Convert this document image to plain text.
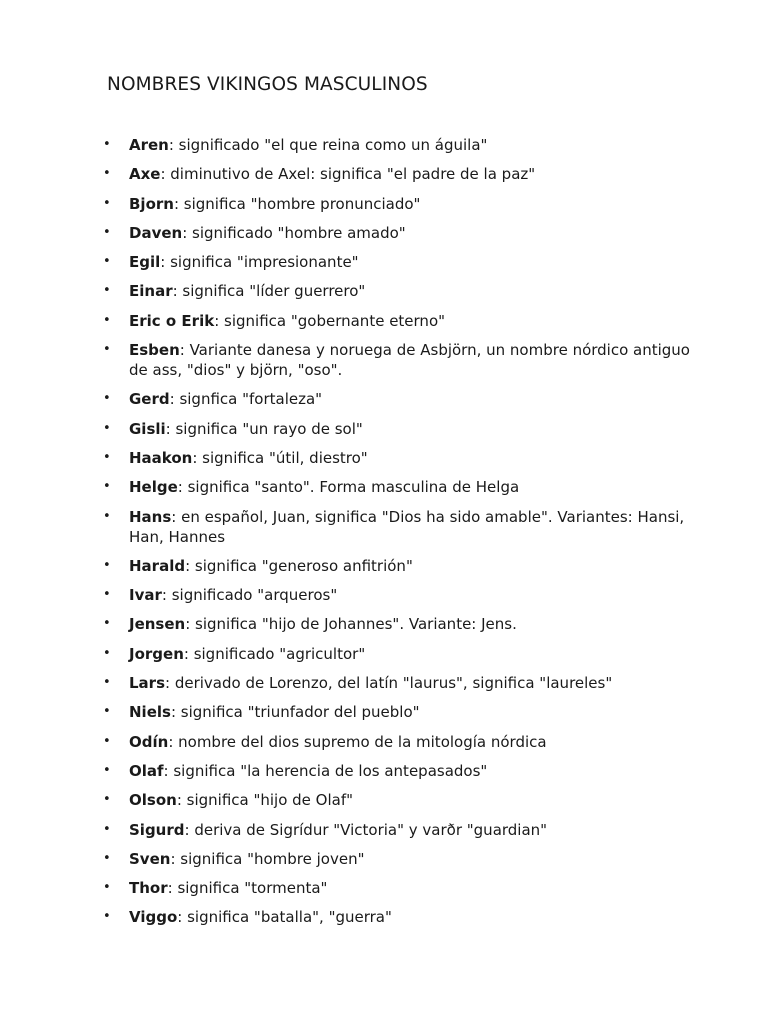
NOMBRES VIKINGOS MASCULINOS
• Aren: significado "el que reina como un águila"
• Axe: diminutivo de Axel: significa "el padre de la paz"
• Bjorn: significa "hombre pronunciado"
• Daven: significado "hombre amado"
• Egil: significa "impresionante"
• Einar: significa "líder guerrero"
• Eric o Erik: significa "gobernante eterno"
• Esben: Variante danesa y noruega de Asbjörn, un nombre nórdico antiguo de ass, "dios" y björn, "oso".
• Gerd: signfica "fortaleza"
• Gisli: significa "un rayo de sol"
• Haakon: significa "útil, diestro"
• Helge: significa "santo". Forma masculina de Helga
• Hans: en español, Juan, significa "Dios ha sido amable". Variantes: Hansi, Han, Hannes
• Harald: significa "generoso anfitrión"
• Ivar: significado "arqueros"
• Jensen: significa "hijo de Johannes". Variante: Jens.
• Jorgen: significado "agricultor"
• Lars: derivado de Lorenzo, del latín "laurus", significa "laureles"
• Niels: significa "triunfador del pueblo"
• Odín: nombre del dios supremo de la mitología nórdica
• Olaf: significa "la herencia de los antepasados"
• Olson: significa "hijo de Olaf"
• Sigurd: deriva de Sigrídur "Victoria" y varðr "guardian"
• Sven: significa "hombre joven"
• Thor: significa "tormenta"
• Viggo: significa "batalla", "guerra"
